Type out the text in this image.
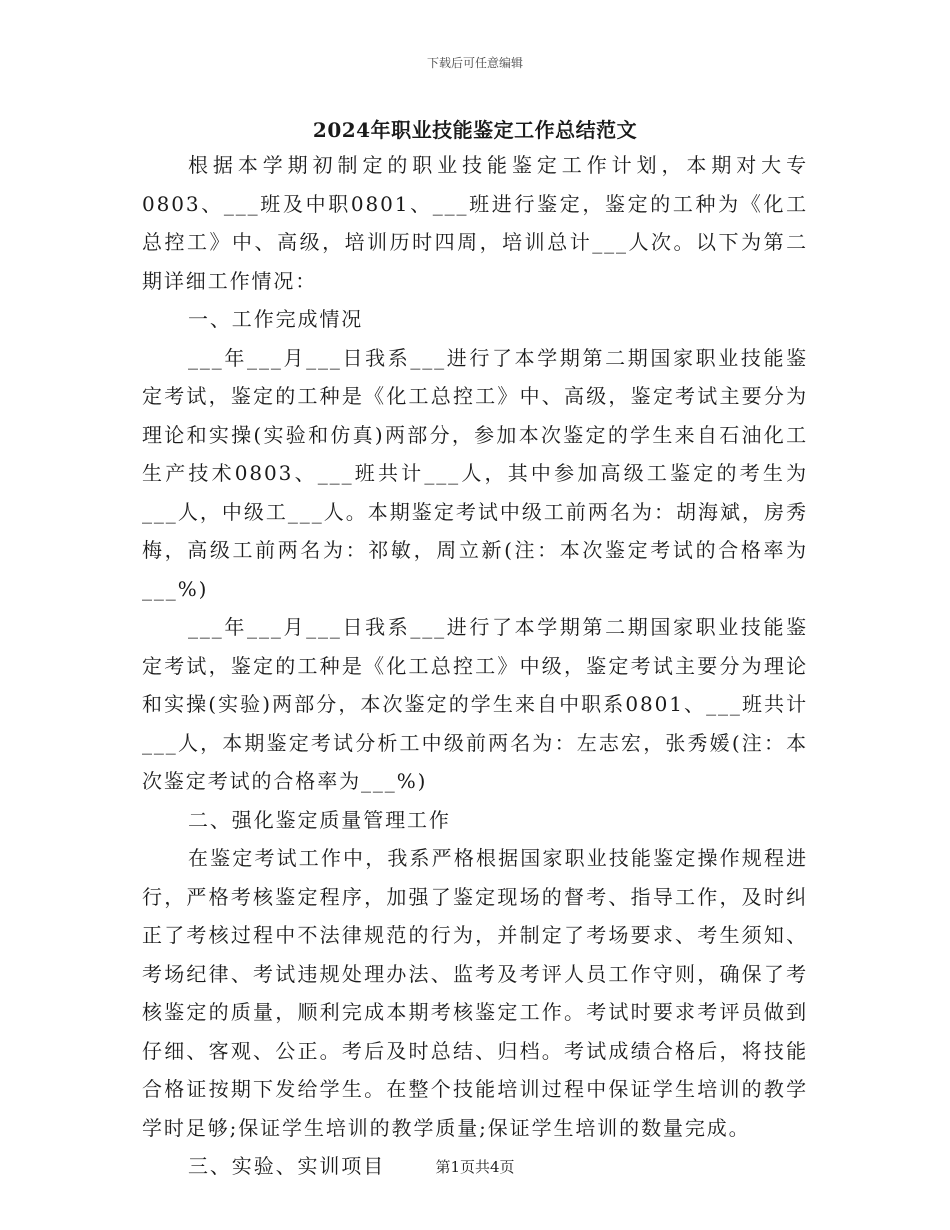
下载后可任意编辑
2024年职业技能鉴定工作总结范文

根据本学期初制定的职业技能鉴定工作计划，本期对大专0803、___班及中职0801、___班进行鉴定，鉴定的工种为《化工总控工》中、高级，培训历时四周，培训总计___人次。以下为第二期详细工作情况：

一、工作完成情况

___年___月___日我系___进行了本学期第二期国家职业技能鉴定考试，鉴定的工种是《化工总控工》中、高级，鉴定考试主要分为理论和实操(实验和仿真)两部分，参加本次鉴定的学生来自石油化工生产技术0803、___班共计___人，其中参加高级工鉴定的考生为___人，中级工___人。本期鉴定考试中级工前两名为：胡海斌，房秀梅，高级工前两名为：祁敏，周立新(注：本次鉴定考试的合格率为___%)

___年___月___日我系___进行了本学期第二期国家职业技能鉴定考试，鉴定的工种是《化工总控工》中级，鉴定考试主要分为理论和实操(实验)两部分，本次鉴定的学生来自中职系0801、___班共计___人，本期鉴定考试分析工中级前两名为：左志宏，张秀媛(注：本次鉴定考试的合格率为___%)

二、强化鉴定质量管理工作

在鉴定考试工作中，我系严格根据国家职业技能鉴定操作规程进行，严格考核鉴定程序，加强了鉴定现场的督考、指导工作，及时纠正了考核过程中不法律规范的行为，并制定了考场要求、考生须知、考场纪律、考试违规处理办法、监考及考评人员工作守则，确保了考核鉴定的质量，顺利完成本期考核鉴定工作。考试时要求考评员做到仔细、客观、公正。考后及时总结、归档。考试成绩合格后，将技能合格证按期下发给学生。在整个技能培训过程中保证学生培训的教学学时足够;保证学生培训的教学质量;保证学生培训的数量完成。

三、实验、实训项目	第1页共4页
